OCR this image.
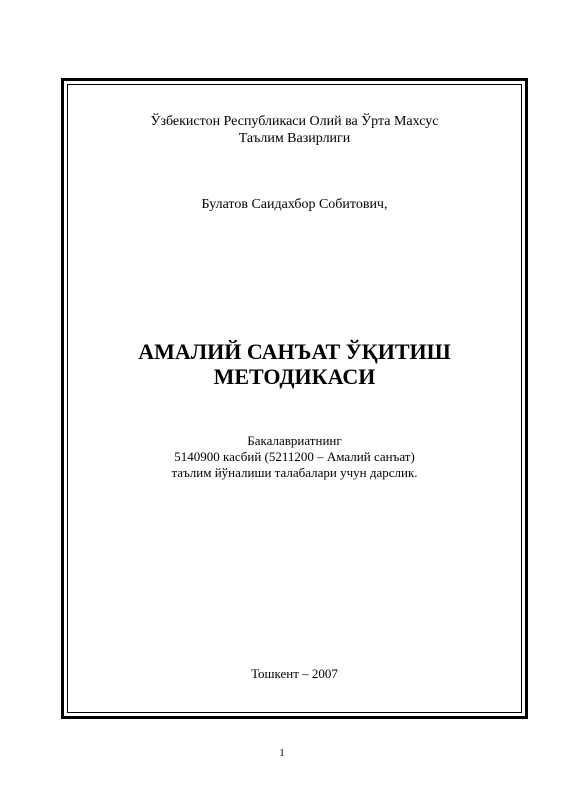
Ўзбекистон Республикаси Олий ва Ўрта Махсус
Таълим Вазирлиги
Булатов Саидахбор Собитович,
АМАЛИЙ САНЪАТ ЎҚИТИШ
МЕТОДИКАСИ
Бакалавриатнинг
5140900 касбий (5211200 – Амалий санъат)
таълим йўналиши талабалари учун дарслик.
Тошкент – 2007
1
